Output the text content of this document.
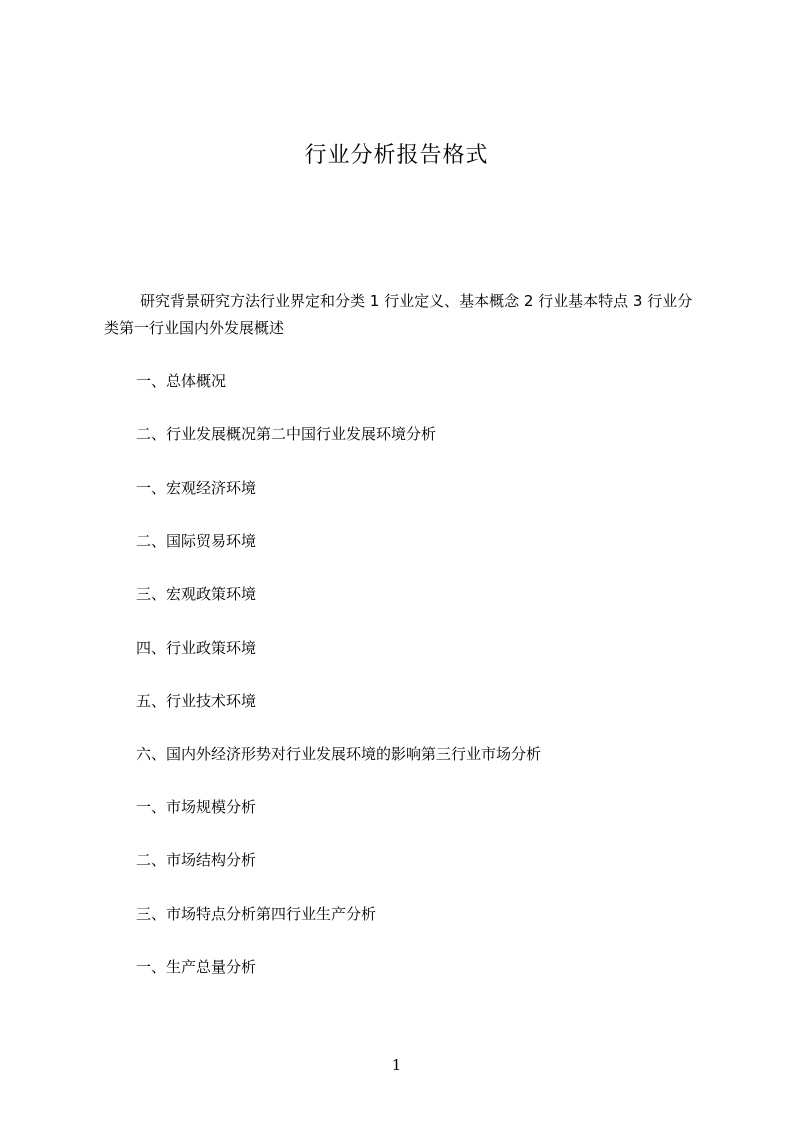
行业分析报告格式

研究背景研究方法行业界定和分类 1 行业定义、基本概念 2 行业基本特点 3 行业分类第一行业国内外发展概述

一、总体概况

二、行业发展概况第二中国行业发展环境分析

一、宏观经济环境

二、国际贸易环境

三、宏观政策环境

四、行业政策环境

五、行业技术环境

六、国内外经济形势对行业发展环境的影响第三行业市场分析

一、市场规模分析

二、市场结构分析

三、市场特点分析第四行业生产分析

一、生产总量分析

1
